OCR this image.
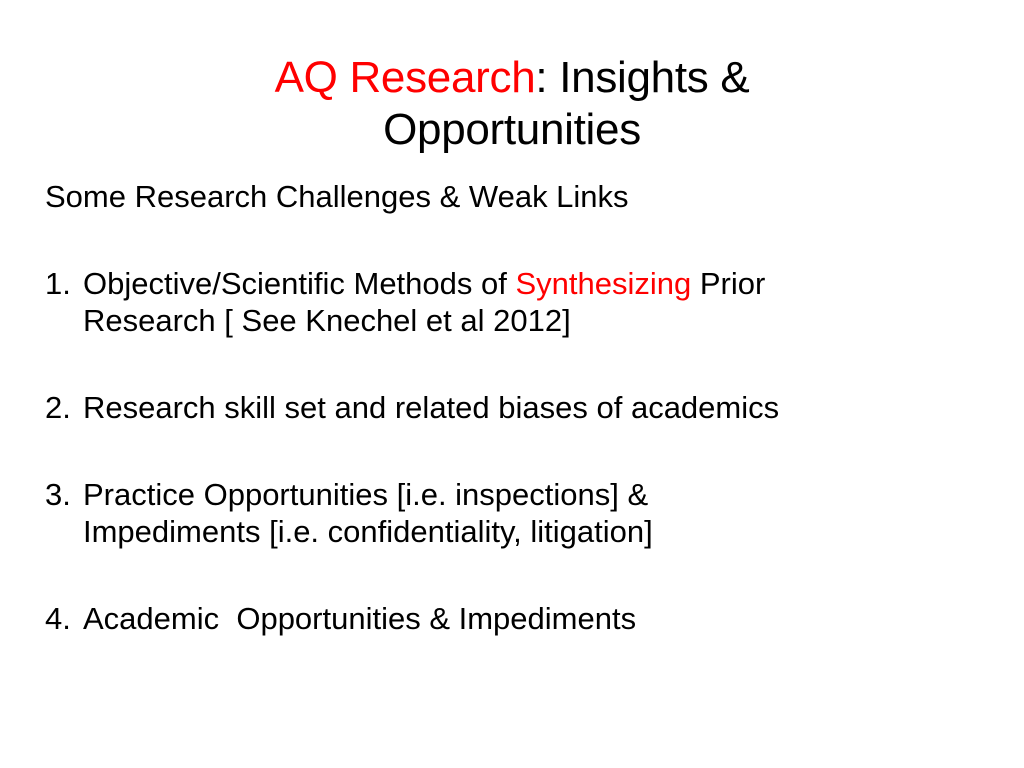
AQ Research: Insights &
Opportunities

Some Research Challenges & Weak Links

1. Objective/Scientific Methods of Synthesizing Prior
Research [ See Knechel et al 2012]
2. Research skill set and related biases of academics
3. Practice Opportunities [i.e. inspections] &
Impediments [i.e. confidentiality, litigation]
4. Academic  Opportunities & Impediments
